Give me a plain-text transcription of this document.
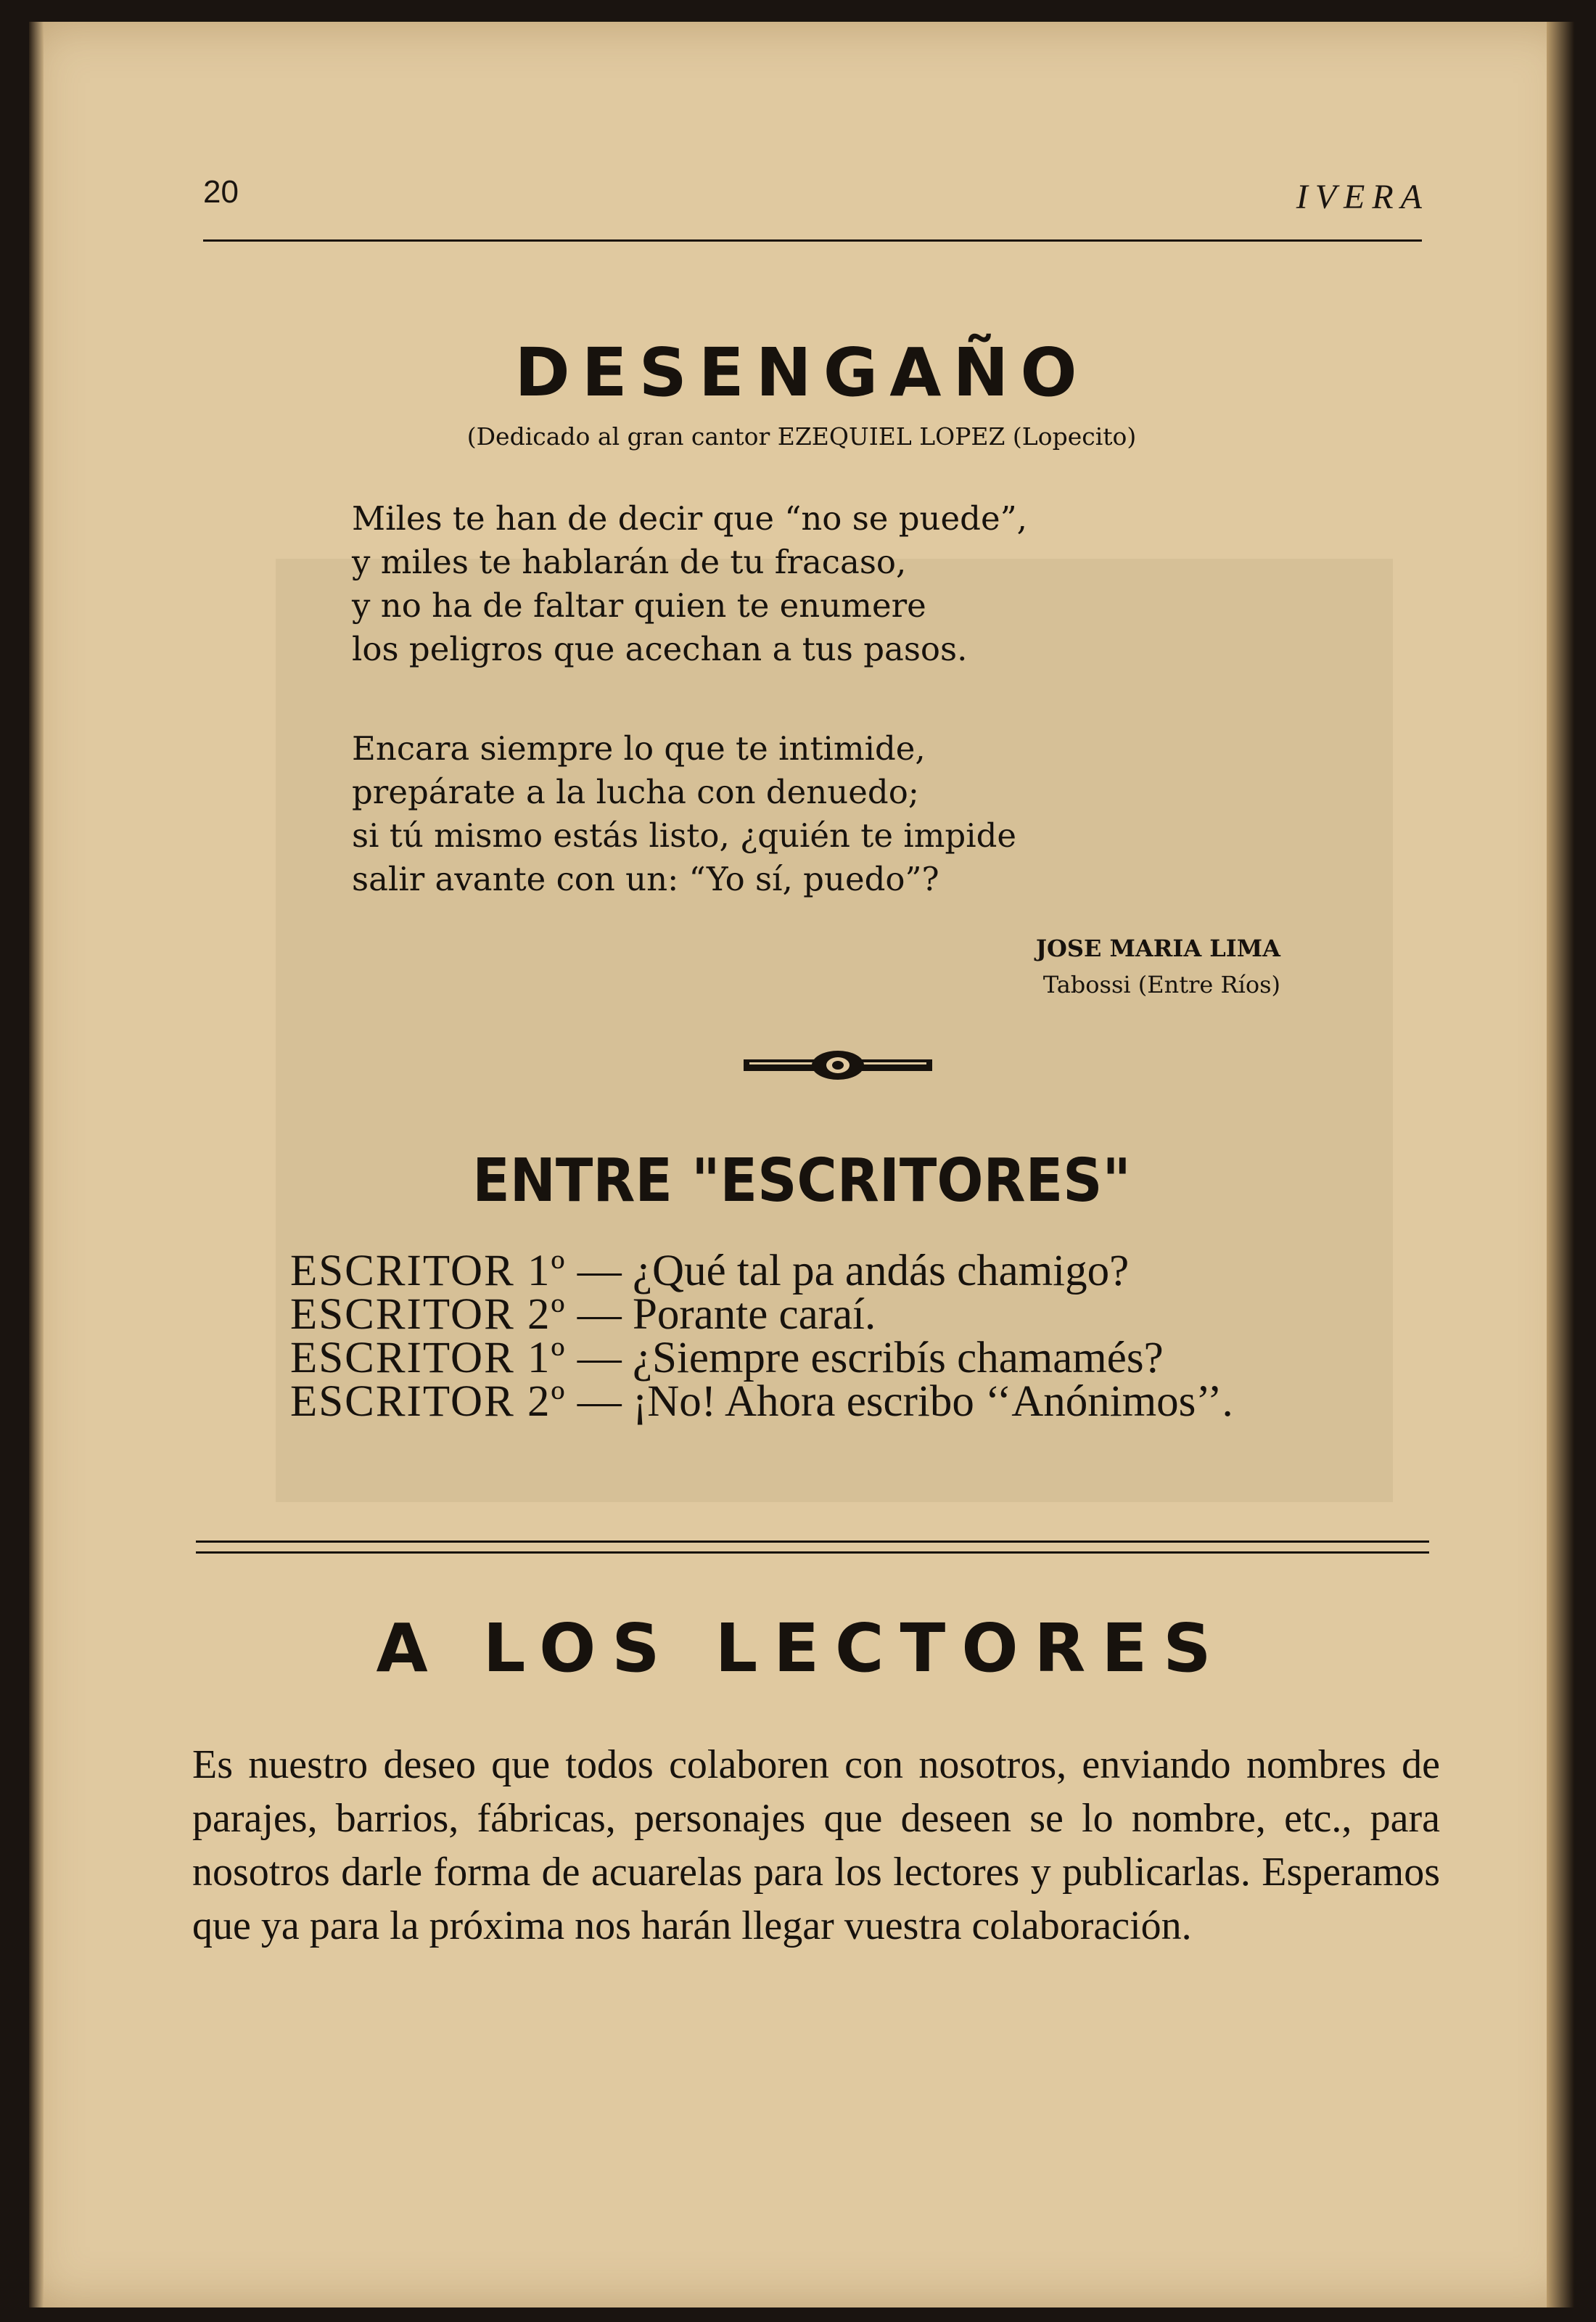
20	IVERA
DESENGAÑO
(Dedicado al gran cantor EZEQUIEL LOPEZ (Lopecito)

Miles te han de decir que “no se puede”,

y miles te hablarán de tu fracaso,

y no ha de faltar quien te enumere

los peligros que acechan a tus pasos.

Encara siempre lo que te intimide,

prepárate a la lucha con denuedo;

si tú mismo estás listo, ¿quién te impide

salir avante con un: “Yo sí, puedo”?

JOSE MARIA LIMA
Tabossi (Entre Ríos)
ENTRE "ESCRITORES"
ESCRITOR 1º — ¿Qué tal pa andás chamigo?
ESCRITOR 2º — Porante caraí.
ESCRITOR 1º — ¿Siempre escribís chamamés?
ESCRITOR 2º — ¡No! Ahora escribo ‘‘Anónimos’’.
A LOS LECTORES
Es nuestro deseo que todos colaboren con nosotros, enviando nombres de parajes, barrios, fábricas, personajes que deseen se lo nombre, etc., para nosotros darle forma de acuarelas para los lectores y publicarlas. Esperamos que ya para la próxima nos harán llegar vuestra colaboración.
